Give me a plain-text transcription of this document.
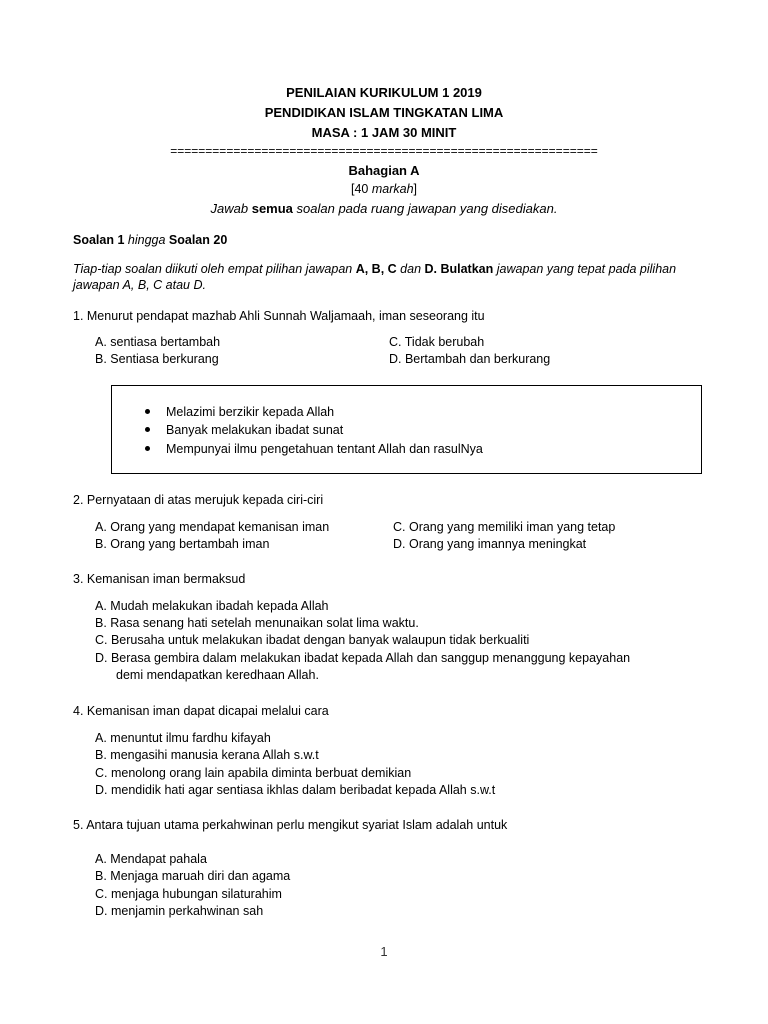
PENILAIAN KURIKULUM 1 2019
PENDIDIKAN ISLAM TINGKATAN LIMA
MASA : 1 JAM 30 MINIT
=============================================================
Bahagian A
[40 markah]
Jawab semua soalan pada ruang jawapan yang disediakan.
Soalan 1 hingga Soalan 20
Tiap-tiap soalan diikuti oleh empat pilihan jawapan A, B, C dan D. Bulatkan jawapan yang tepat pada pilihan
jawapan A, B, C atau D.
1. Menurut pendapat mazhab Ahli Sunnah Waljamaah, iman seseorang itu
A. sentiasa bertambah
B. Sentiasa berkurang
C. Tidak berubah
D. Bertambah dan berkurang
Melazimi berzikir kepada Allah
Banyak melakukan ibadat sunat
Mempunyai ilmu pengetahuan tentant Allah dan rasulNya
2. Pernyataan di atas merujuk kepada ciri-ciri
A. Orang yang mendapat kemanisan iman
B. Orang yang bertambah iman
C. Orang yang memiliki iman yang tetap
D. Orang yang imannya meningkat
3. Kemanisan iman bermaksud
A. Mudah melakukan ibadah kepada Allah
B. Rasa senang hati setelah menunaikan solat lima waktu.
C. Berusaha untuk melakukan ibadat dengan banyak walaupun tidak berkualiti
D. Berasa gembira dalam melakukan ibadat kepada Allah dan sanggup menanggung kepayahan
demi mendapatkan keredhaan Allah.
4. Kemanisan iman dapat dicapai melalui cara
A. menuntut ilmu fardhu kifayah
B. mengasihi manusia kerana Allah s.w.t
C. menolong orang lain apabila diminta berbuat demikian
D. mendidik hati agar sentiasa ikhlas dalam beribadat kepada Allah s.w.t
5. Antara tujuan utama perkahwinan perlu mengikut syariat Islam adalah untuk
A. Mendapat pahala
B. Menjaga maruah diri dan agama
C. menjaga hubungan silaturahim
D. menjamin perkahwinan sah
1
